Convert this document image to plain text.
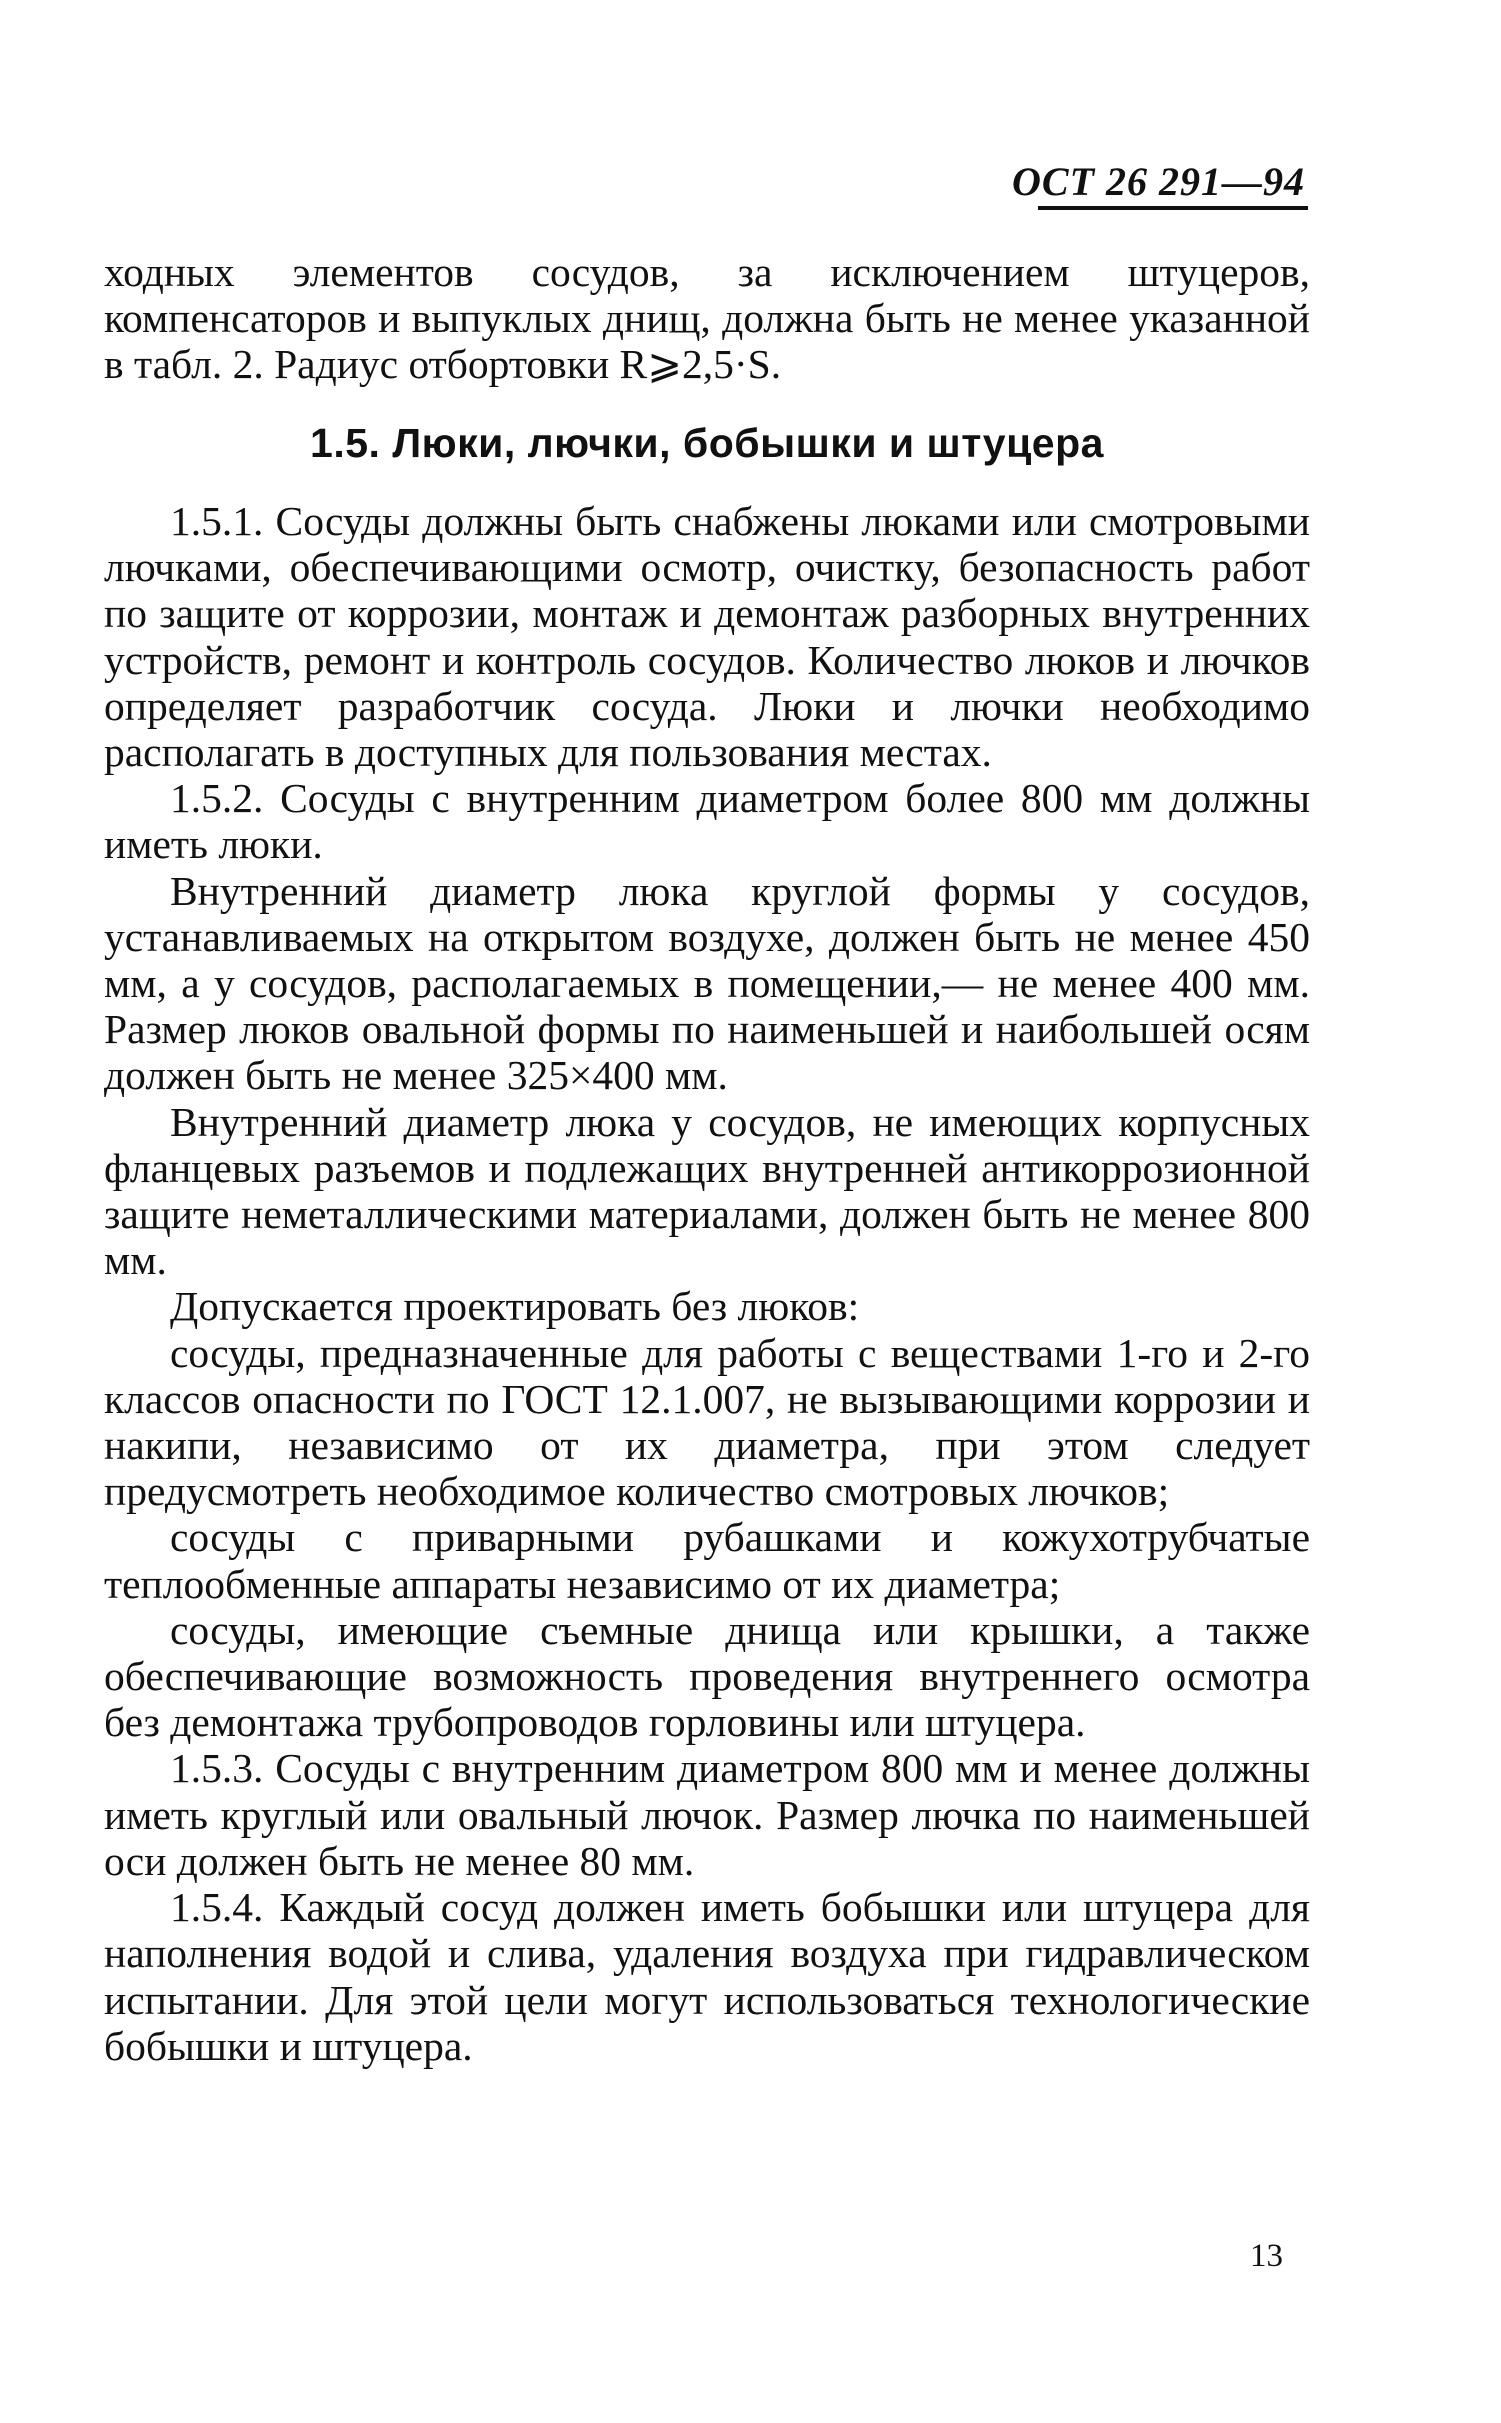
ОСТ 26 291—94

ходных элементов сосудов, за исключением штуцеров, компенсаторов и выпуклых днищ, должна быть не менее указанной в табл. 2. Радиус отбортовки R⩾2,5·S.

1.5. Люки, лючки, бобышки и штуцера

1.5.1. Сосуды должны быть снабжены люками или смотровыми лючками, обеспечивающими осмотр, очистку, безопасность работ по защите от коррозии, монтаж и демонтаж разборных внутренних устройств, ремонт и контроль сосудов. Количество люков и лючков определяет разработчик сосуда. Люки и лючки необходимо располагать в доступных для пользования местах.

1.5.2. Сосуды с внутренним диаметром более 800 мм должны иметь люки.

Внутренний диаметр люка круглой формы у сосудов, устанавливаемых на открытом воздухе, должен быть не менее 450 мм, а у сосудов, располагаемых в помещении,— не менее 400 мм. Размер люков овальной формы по наименьшей и наибольшей осям должен быть не менее 325×400 мм.

Внутренний диаметр люка у сосудов, не имеющих корпусных фланцевых разъемов и подлежащих внутренней антикоррозионной защите неметаллическими материалами, должен быть не менее 800 мм.

Допускается проектировать без люков:

сосуды, предназначенные для работы с веществами 1-го и 2-го классов опасности по ГОСТ 12.1.007, не вызывающими коррозии и накипи, независимо от их диаметра, при этом следует предусмотреть необходимое количество смотровых лючков;

сосуды с приварными рубашками и кожухотрубчатые теплообменные аппараты независимо от их диаметра;

сосуды, имеющие съемные днища или крышки, а также обеспечивающие возможность проведения внутреннего осмотра без демонтажа трубопроводов горловины или штуцера.

1.5.3. Сосуды с внутренним диаметром 800 мм и менее должны иметь круглый или овальный лючок. Размер лючка по наименьшей оси должен быть не менее 80 мм.

1.5.4. Каждый сосуд должен иметь бобышки или штуцера для наполнения водой и слива, удаления воздуха при гидравлическом испытании. Для этой цели могут использоваться технологические бобышки и штуцера.

13
